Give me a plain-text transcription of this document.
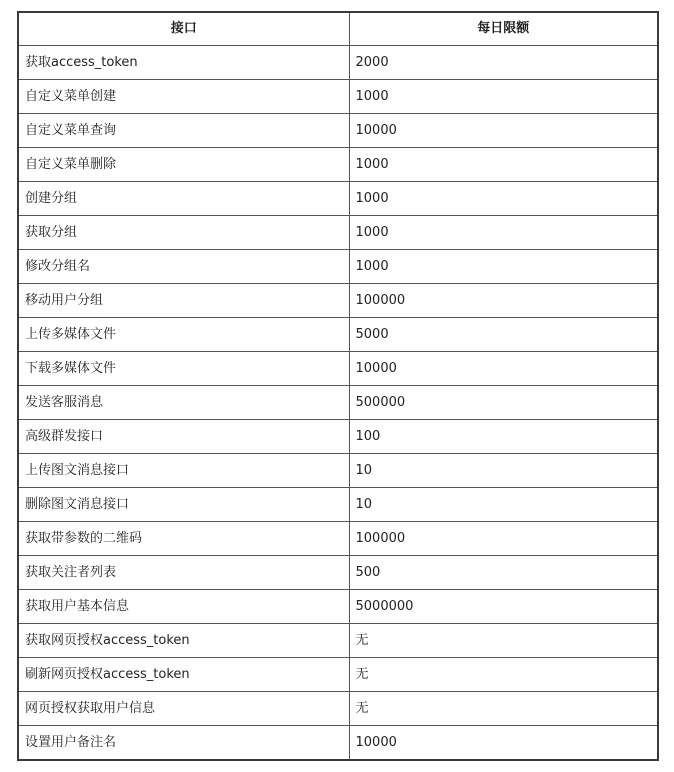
接口	每日限额
获取access_token	2000
自定义菜单创建	1000
自定义菜单查询	10000
自定义菜单删除	1000
创建分组	1000
获取分组	1000
修改分组名	1000
移动用户分组	100000
上传多媒体文件	5000
下载多媒体文件	10000
发送客服消息	500000
高级群发接口	100
上传图文消息接口	10
删除图文消息接口	10
获取带参数的二维码	100000
获取关注者列表	500
获取用户基本信息	5000000
获取网页授权access_token	无
刷新网页授权access_token	无
网页授权获取用户信息	无
设置用户备注名	10000
